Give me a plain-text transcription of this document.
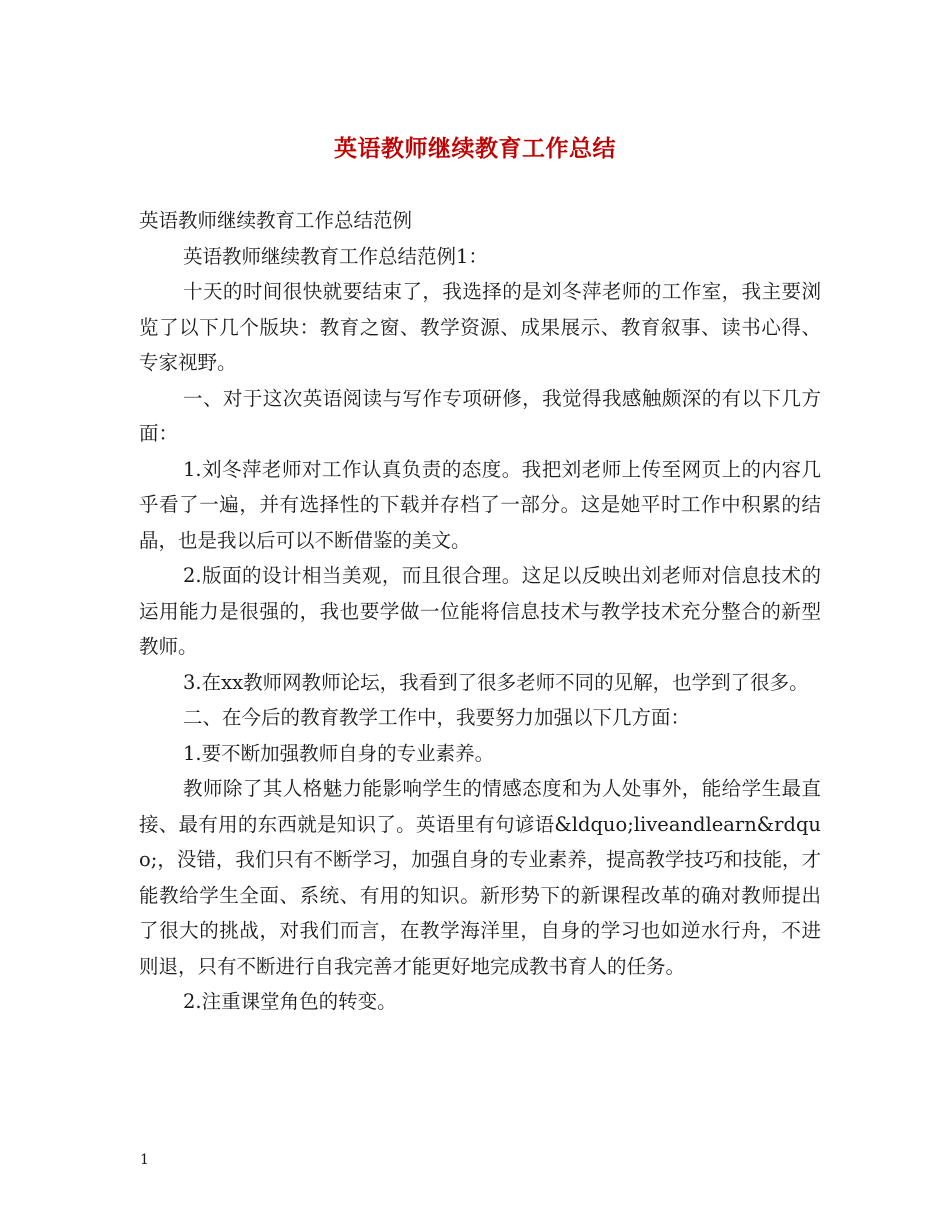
英语教师继续教育工作总结

英语教师继续教育工作总结范例

英语教师继续教育工作总结范例1：

十天的时间很快就要结束了，我选择的是刘冬萍老师的工作室，我主要浏览了以下几个版块：教育之窗、教学资源、成果展示、教育叙事、读书心得、专家视野。

一、对于这次英语阅读与写作专项研修，我觉得我感触颇深的有以下几方面：

1.刘冬萍老师对工作认真负责的态度。我把刘老师上传至网页上的内容几乎看了一遍，并有选择性的下载并存档了一部分。这是她平时工作中积累的结晶，也是我以后可以不断借鉴的美文。

2.版面的设计相当美观，而且很合理。这足以反映出刘老师对信息技术的运用能力是很强的，我也要学做一位能将信息技术与教学技术充分整合的新型教师。

3.在xx教师网教师论坛，我看到了很多老师不同的见解，也学到了很多。

二、在今后的教育教学工作中，我要努力加强以下几方面：

1.要不断加强教师自身的专业素养。

教师除了其人格魅力能影响学生的情感态度和为人处事外，能给学生最直接、最有用的东西就是知识了。英语里有句谚语&ldquo;liveandlearn&rdquo;，没错，我们只有不断学习，加强自身的专业素养，提高教学技巧和技能，才能教给学生全面、系统、有用的知识。新形势下的新课程改革的确对教师提出了很大的挑战，对我们而言，在教学海洋里，自身的学习也如逆水行舟，不进则退，只有不断进行自我完善才能更好地完成教书育人的任务。

2.注重课堂角色的转变。

1
